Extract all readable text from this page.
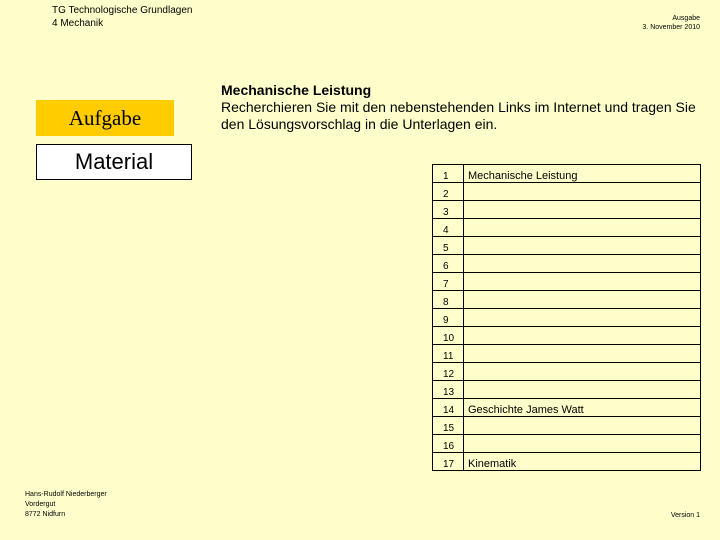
TG Technologische Grundlagen
4 Mechanik	Ausgabe
3. November 2010
Aufgabe
Material
Mechanische Leistung
Recherchieren Sie mit den nebenstehenden Links im Internet und tragen Sie den Lösungsvorschlag in die Unterlagen ein.
1	Mechanische Leistung
2	
3	
4	
5	
6	
7	
8	
9	
10	
11	
12	
13	
14	Geschichte James Watt
15	
16	
17	Kinematik
Hans-Rudolf Niederberger
Vordergut
8772 Nidfurn	Version 1
